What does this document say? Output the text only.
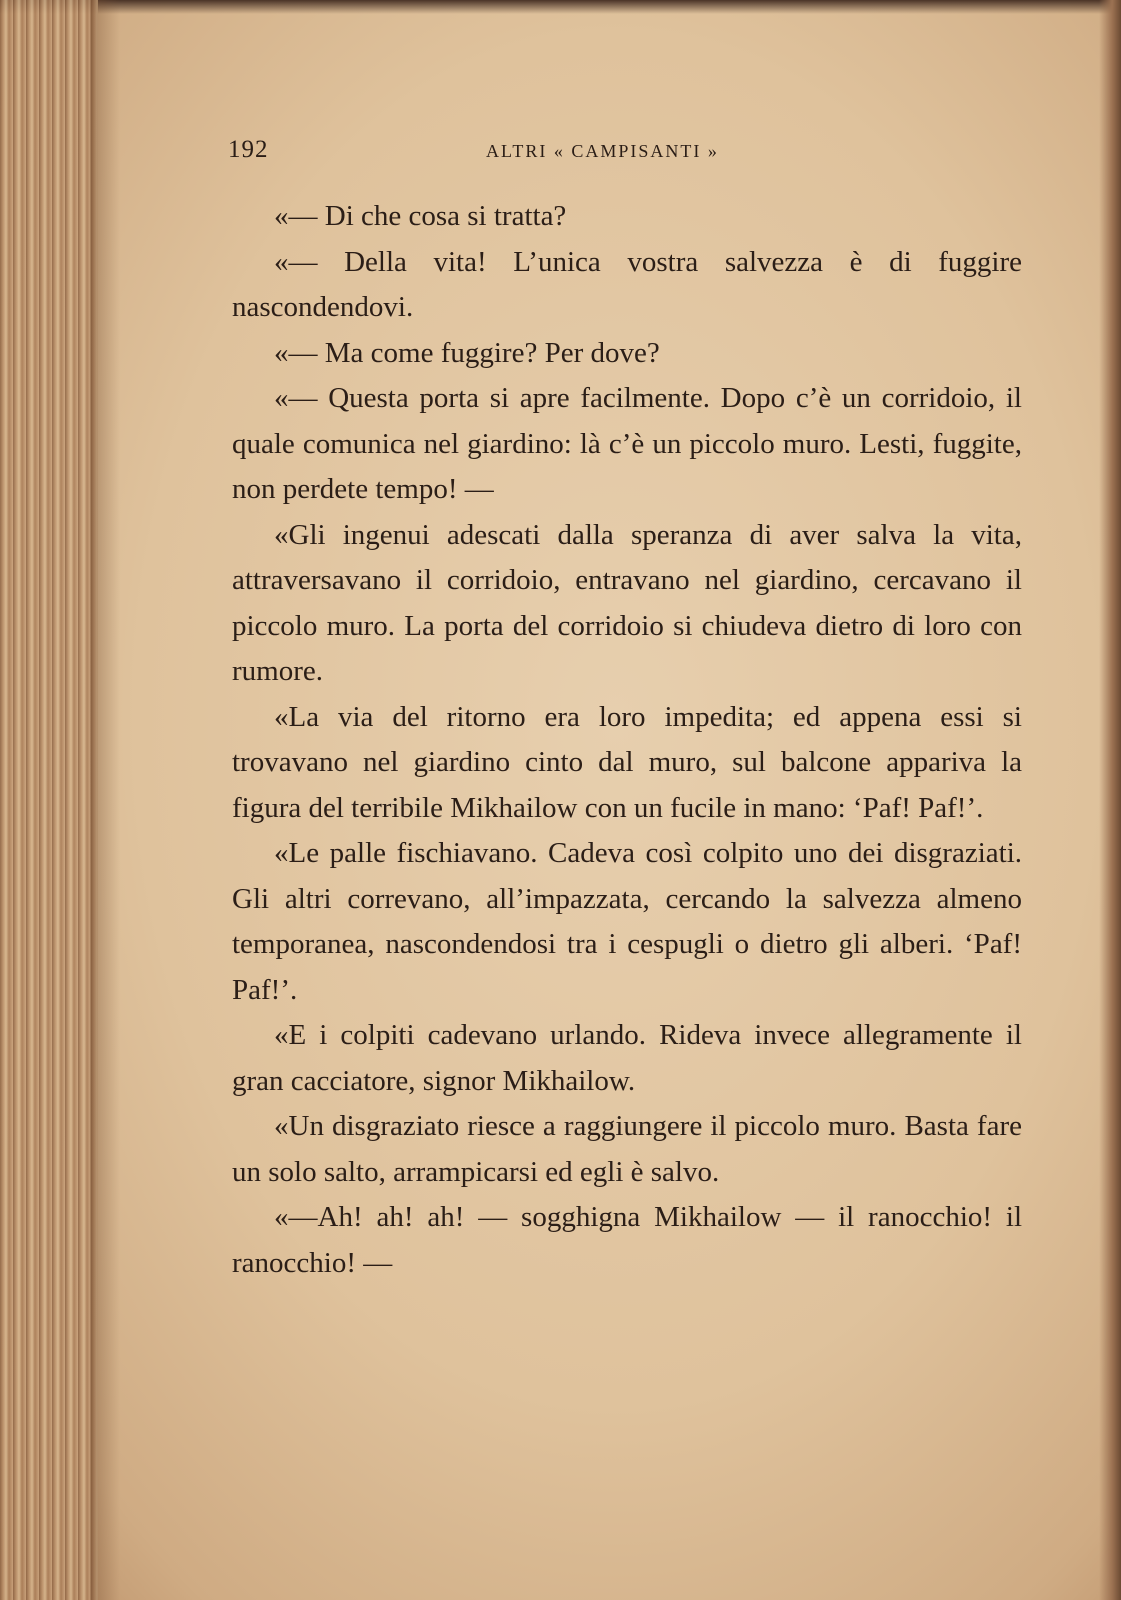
192	ALTRI « CAMPISANTI »

«— Di che cosa si tratta?

«— Della vita! L’unica vostra salvezza è di fuggire nascondendovi.

«— Ma come fuggire? Per dove?

«— Questa porta si apre facilmente. Dopo c’è un corridoio, il quale comunica nel giardino: là c’è un piccolo muro. Lesti, fuggite, non perdete tempo! —

«Gli ingenui adescati dalla speranza di aver salva la vita, attraversavano il corridoio, entravano nel giardino, cercavano il piccolo muro. La porta del corridoio si chiudeva dietro di loro con rumore.

«La via del ritorno era loro impedita; ed appena essi si trovavano nel giardino cinto dal muro, sul balcone appariva la figura del terribile Mikhailow con un fucile in mano: ‘Paf! Paf!’.

«Le palle fischiavano. Cadeva così colpito uno dei disgraziati. Gli altri correvano, all’impazzata, cercando la salvezza almeno temporanea, nascondendosi tra i cespugli o dietro gli alberi. ‘Paf! Paf!’.

«E i colpiti cadevano urlando. Rideva invece allegramente il gran cacciatore, signor Mikhailow.

«Un disgraziato riesce a raggiungere il piccolo muro. Basta fare un solo salto, arrampicarsi ed egli è salvo.

«—Ah! ah! ah! — sogghigna Mikhailow — il ranocchio! il ranocchio! —
